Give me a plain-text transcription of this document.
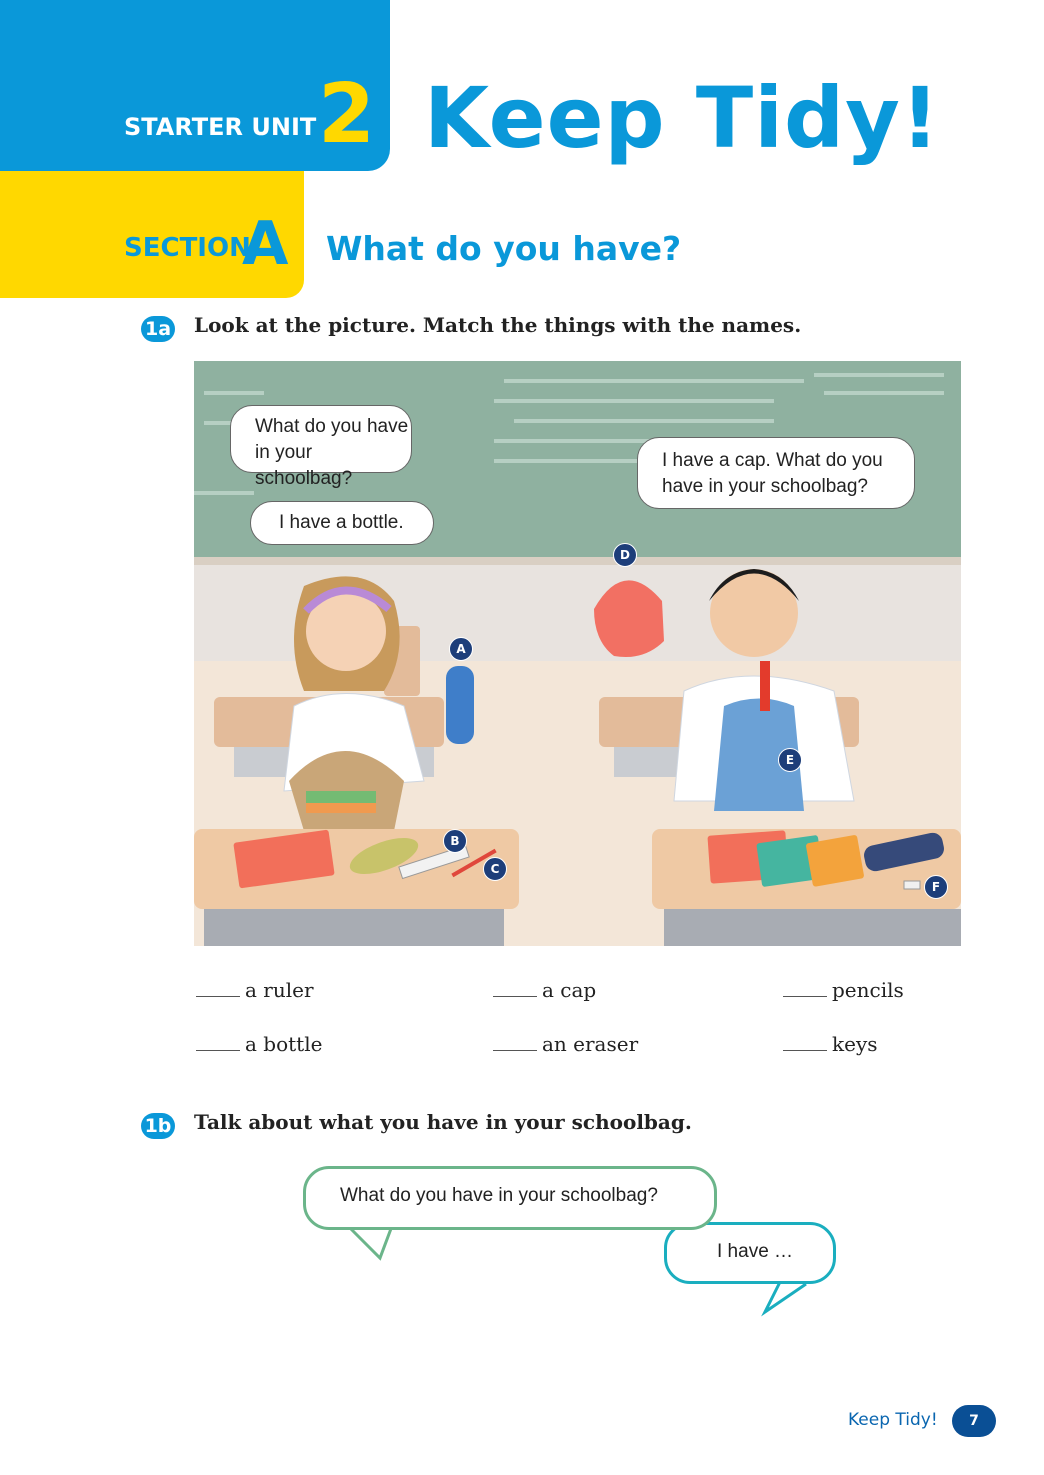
STARTER UNIT 2 Keep Tidy!
SECTION
A What do you have?
1a Look at the picture. Match the things with the names.
What do you have
in your schoolbag?
I have a bottle.
I have a cap. What do you
have in your schoolbag?
A
B
C
D
E
F
a ruler	a cap	pencils
a bottle	an eraser	keys
1b Talk about what you have in your schoolbag.
I have …
What do you have in your schoolbag?
Keep Tidy!	7
